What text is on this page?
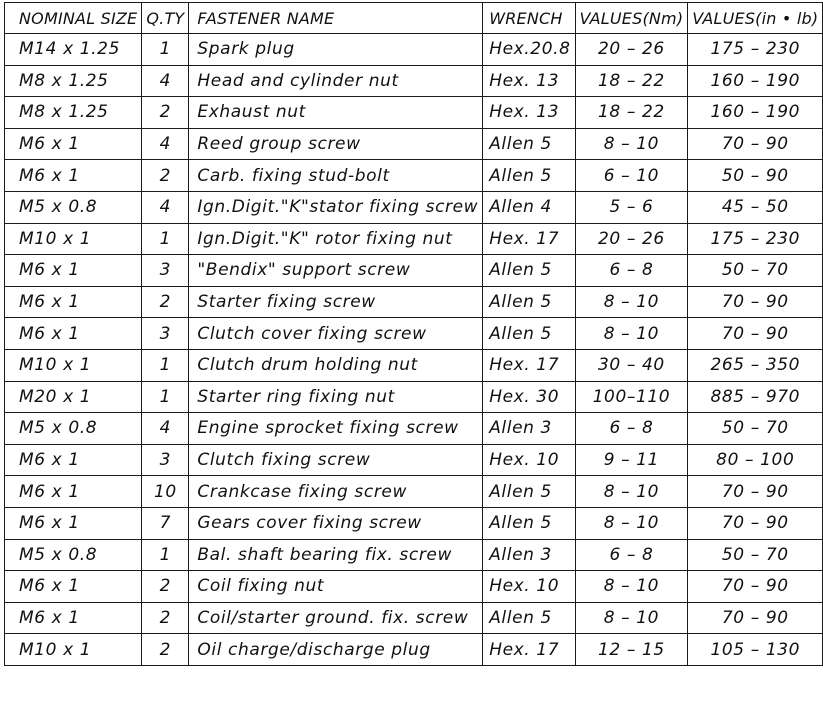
NOMINAL SIZE	Q.TY	FASTENER NAME	WRENCH	VALUES(Nm)	VALUES(in • lb)
M14 x 1.25	1	Spark plug	Hex.20.8	20 – 26	175 – 230
M8 x 1.25	4	Head and cylinder nut	Hex. 13	18 – 22	160 – 190
M8 x 1.25	2	Exhaust nut	Hex. 13	18 – 22	160 – 190
M6 x 1	4	Reed group screw	Allen 5	8 – 10	70 – 90
M6 x 1	2	Carb. fixing stud-bolt	Allen 5	6 – 10	50 – 90
M5 x 0.8	4	Ign.Digit."K"stator fixing screw	Allen 4	5 – 6	45 – 50
M10 x 1	1	Ign.Digit."K" rotor fixing nut	Hex. 17	20 – 26	175 – 230
M6 x 1	3	"Bendix" support screw	Allen 5	6 – 8	50 – 70
M6 x 1	2	Starter fixing screw	Allen 5	8 – 10	70 – 90
M6 x 1	3	Clutch cover fixing screw	Allen 5	8 – 10	70 – 90
M10 x 1	1	Clutch drum holding nut	Hex. 17	30 – 40	265 – 350
M20 x 1	1	Starter ring fixing nut	Hex. 30	100–110	885 – 970
M5 x 0.8	4	Engine sprocket fixing screw	Allen 3	6 – 8	50 – 70
M6 x 1	3	Clutch fixing screw	Hex. 10	9 – 11	80 – 100
M6 x 1	10	Crankcase fixing screw	Allen 5	8 – 10	70 – 90
M6 x 1	7	Gears cover fixing screw	Allen 5	8 – 10	70 – 90
M5 x 0.8	1	Bal. shaft bearing fix. screw	Allen 3	6 – 8	50 – 70
M6 x 1	2	Coil fixing nut	Hex. 10	8 – 10	70 – 90
M6 x 1	2	Coil/starter ground. fix. screw	Allen 5	8 – 10	70 – 90
M10 x 1	2	Oil charge/discharge plug	Hex. 17	12 – 15	105 – 130
